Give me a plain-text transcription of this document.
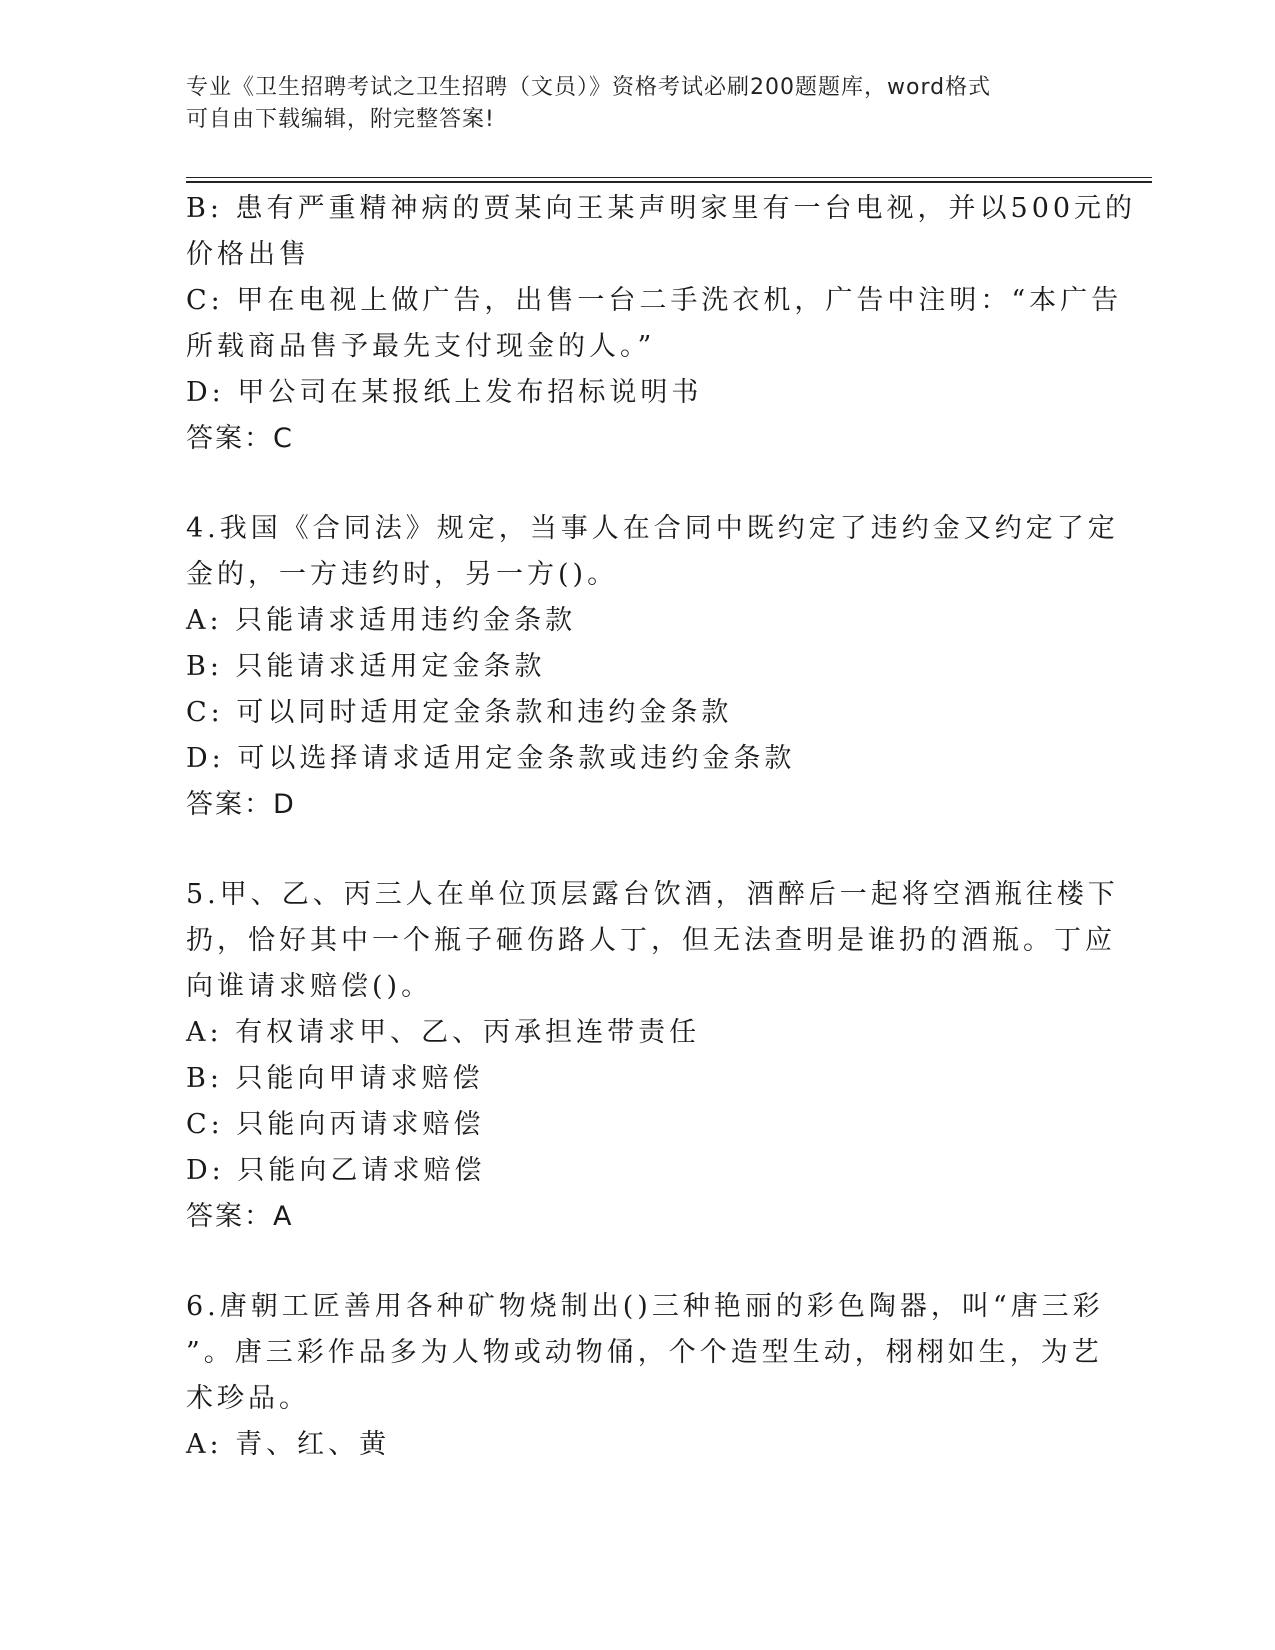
专业《卫生招聘考试之卫生招聘（文员）》资格考试必刷200题题库，word格式
可自由下载编辑，附完整答案!
B: 患有严重精神病的贾某向王某声明家里有一台电视，并以500元的
价格出售
C: 甲在电视上做广告，出售一台二手洗衣机，广告中注明：“本广告
所载商品售予最先支付现金的人。”
D: 甲公司在某报纸上发布招标说明书
答案：C
4.我国《合同法》规定，当事人在合同中既约定了违约金又约定了定
金的，一方违约时，另一方()。
A: 只能请求适用违约金条款
B: 只能请求适用定金条款
C: 可以同时适用定金条款和违约金条款
D: 可以选择请求适用定金条款或违约金条款
答案：D
5.甲、乙、丙三人在单位顶层露台饮酒，酒醉后一起将空酒瓶往楼下
扔，恰好其中一个瓶子砸伤路人丁，但无法查明是谁扔的酒瓶。丁应
向谁请求赔偿()。
A: 有权请求甲、乙、丙承担连带责任
B: 只能向甲请求赔偿
C: 只能向丙请求赔偿
D: 只能向乙请求赔偿
答案：A
6.唐朝工匠善用各种矿物烧制出()三种艳丽的彩色陶器，叫“唐三彩
”。唐三彩作品多为人物或动物俑，个个造型生动，栩栩如生，为艺
术珍品。
A: 青、红、黄
